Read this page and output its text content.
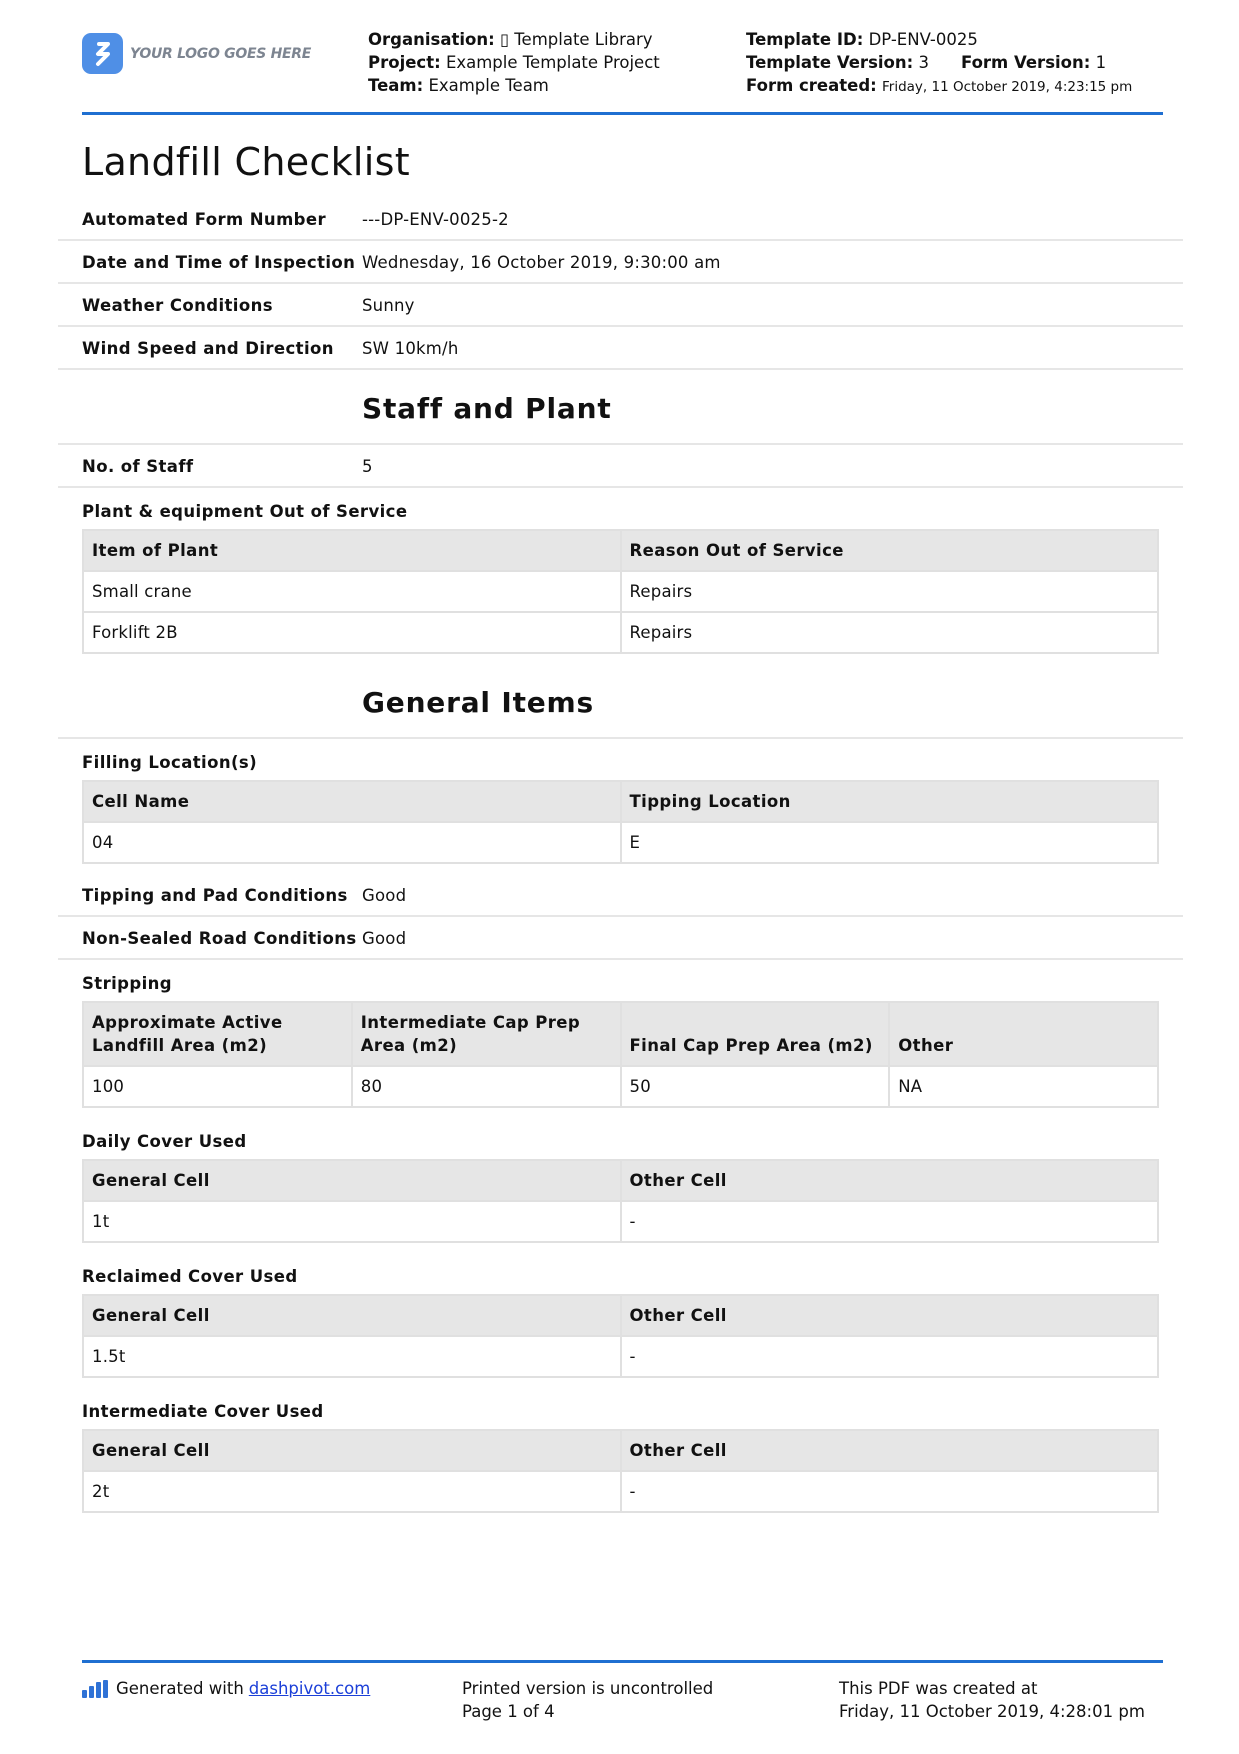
YOUR LOGO GOES HERE
Organisation: ▯ Template Library
Project: Example Template Project
Team: Example Team
Template ID: DP-ENV-0025
Template Version: 3 Form Version: 1
Form created: Friday, 11 October 2019, 4:23:15 pm
Landfill Checklist
Automated Form Number	---DP-ENV-0025-2
Date and Time of Inspection Wednesday, 16 October 2019, 9:30:00 am
Weather Conditions	Sunny
Wind Speed and Direction	SW 10km/h
Staff and Plant
No. of Staff	5
Plant & equipment Out of Service
Item of Plant	Reason Out of Service
Small crane	Repairs
Forklift 2B	Repairs
General Items
Filling Location(s)
Cell Name	Tipping Location
04	E
Tipping and Pad Conditions Good
Non-Sealed Road Conditions Good
Stripping
Approximate Active Landfill Area (m2)	Intermediate Cap Prep Area (m2)	Final Cap Prep Area (m2)	Other
100	80	50	NA
Daily Cover Used
General Cell	Other Cell
1t	-
Reclaimed Cover Used
General Cell	Other Cell
1.5t	-
Intermediate Cover Used
General Cell	Other Cell
2t	-
Generated with dashpivot.com	Printed version is uncontrolled
Page 1 of 4
This PDF was created at
Friday, 11 October 2019, 4:28:01 pm
